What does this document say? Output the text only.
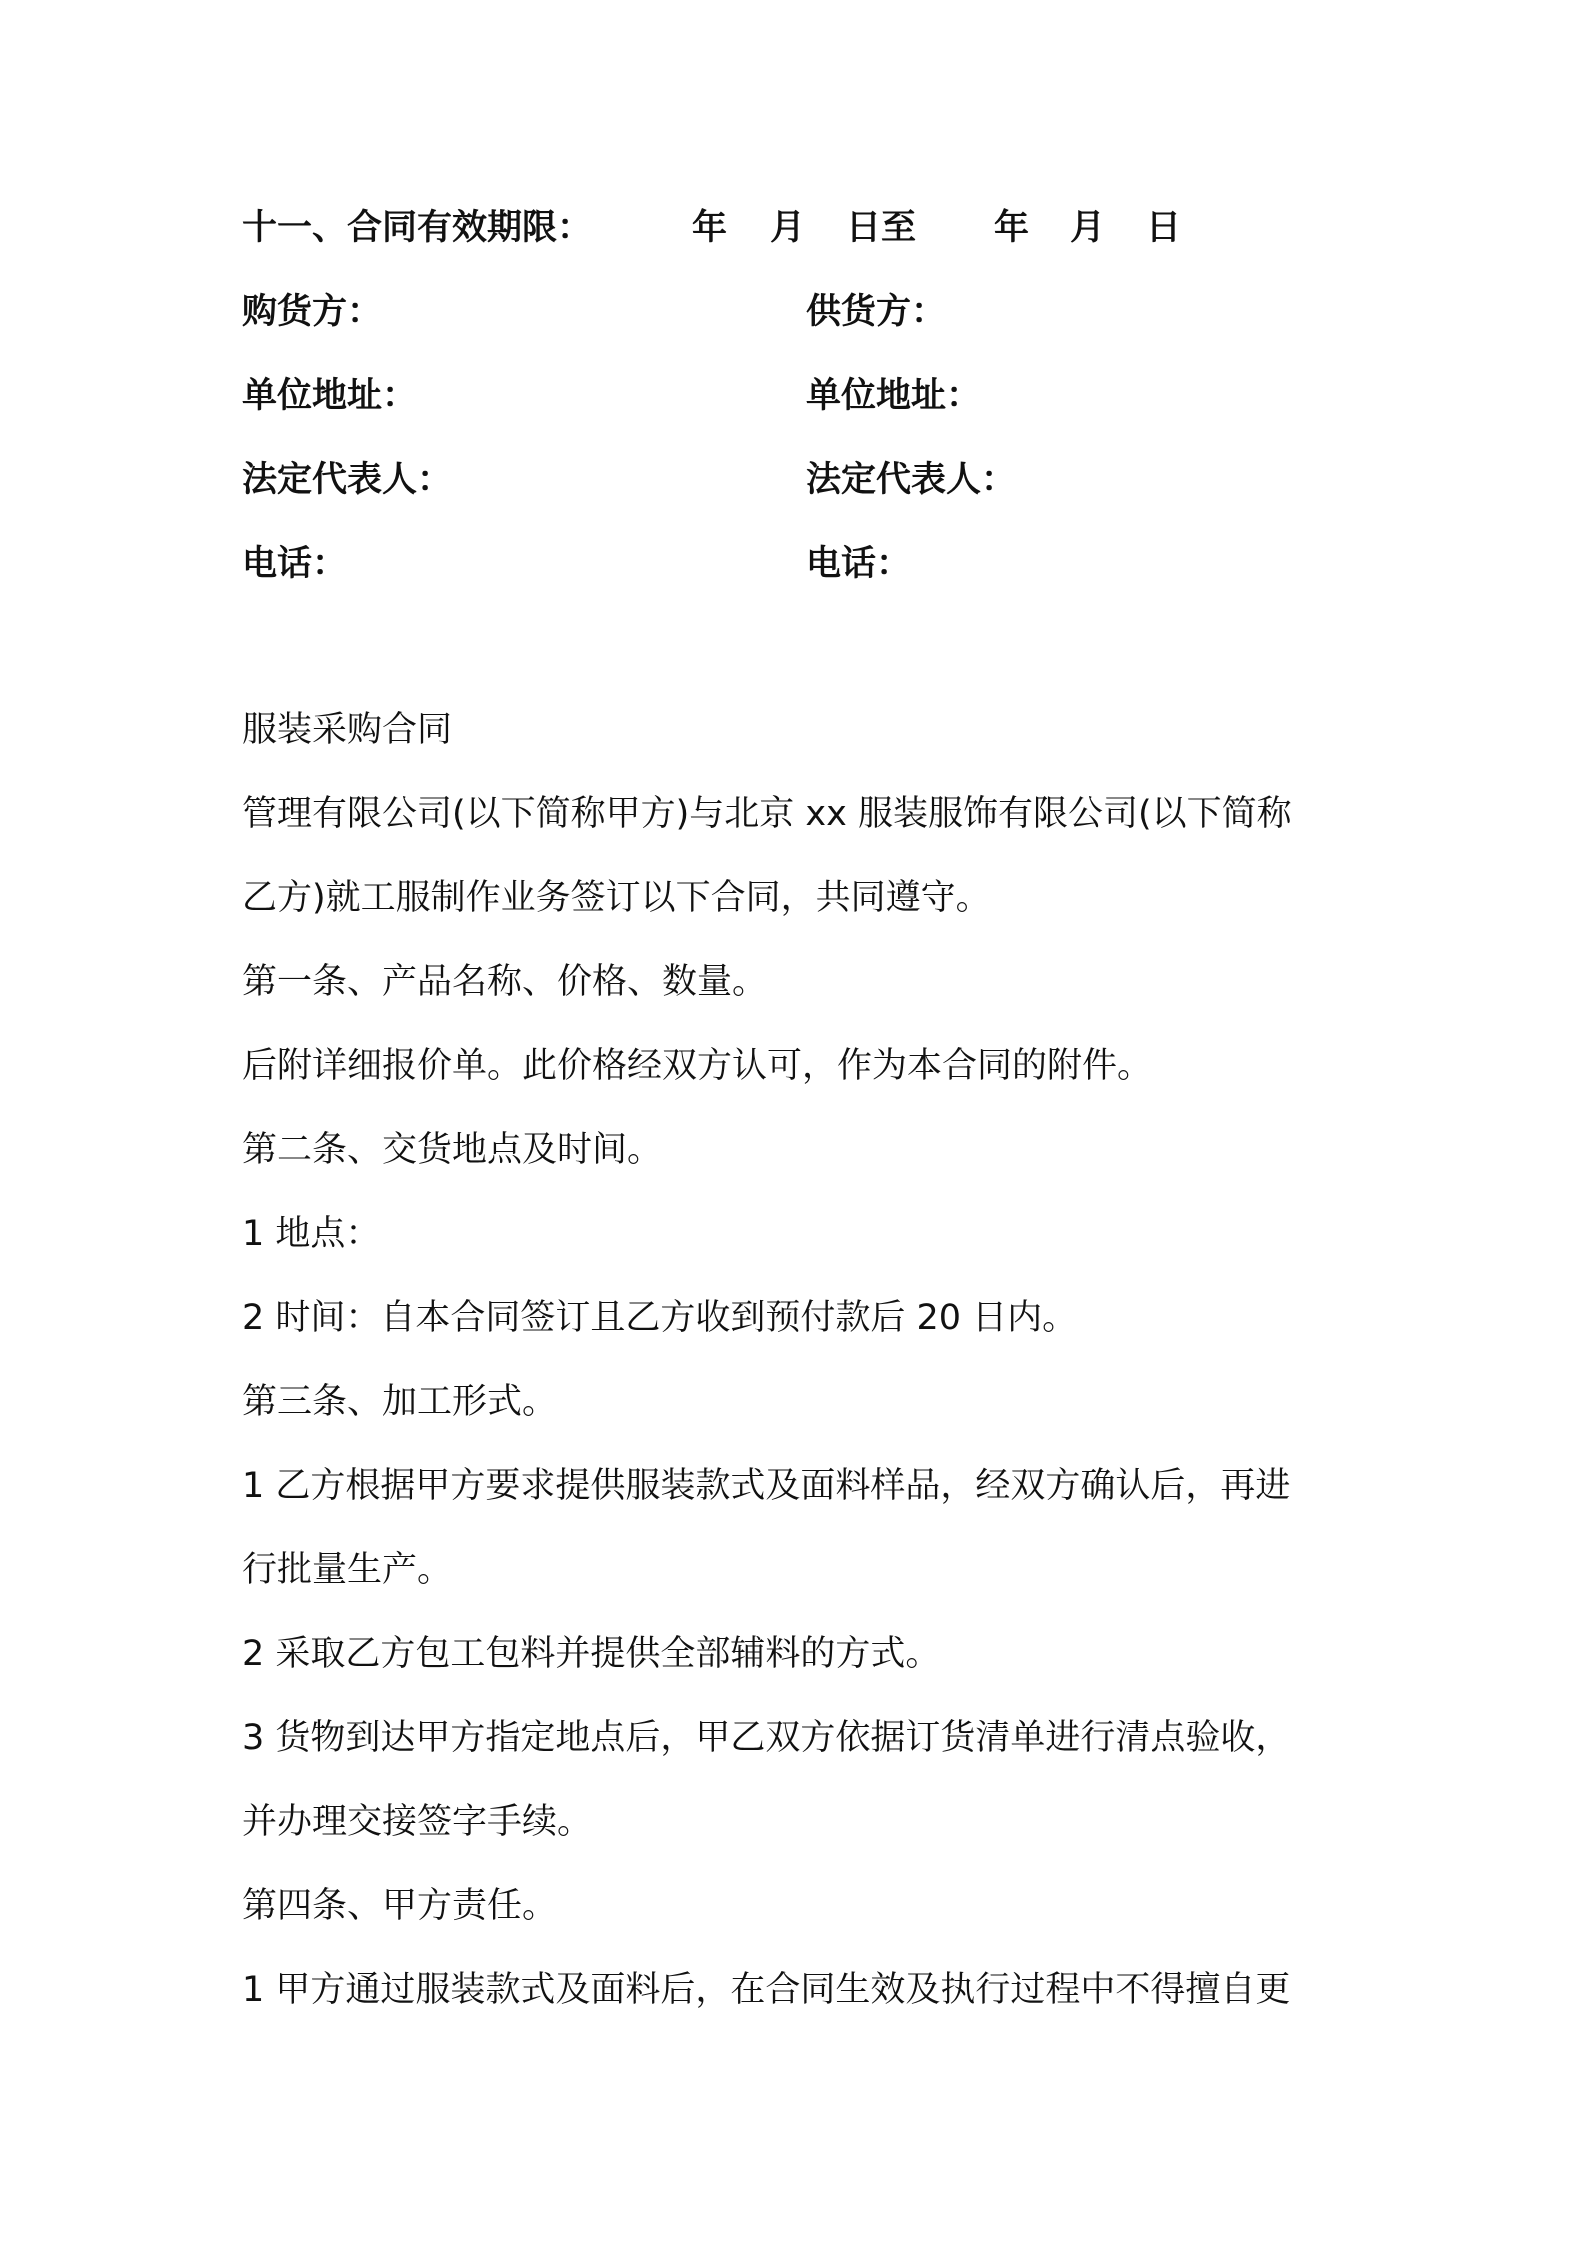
十一、合同有效期限：	年 月 日至 年 月 日
购货方：	供货方：
单位地址：	单位地址：
法定代表人：	法定代表人：
电话：	电话：
服装采购合同
管理有限公司(以下简称甲方)与北京 xx 服装服饰有限公司(以下简称
乙方)就工服制作业务签订以下合同，共同遵守。
第一条、产品名称、价格、数量。
后附详细报价单。此价格经双方认可，作为本合同的附件。
第二条、交货地点及时间。
1 地点：
2 时间：自本合同签订且乙方收到预付款后 20 日内。
第三条、加工形式。
1 乙方根据甲方要求提供服装款式及面料样品，经双方确认后，再进
行批量生产。
2 采取乙方包工包料并提供全部辅料的方式。
3 货物到达甲方指定地点后，甲乙双方依据订货清单进行清点验收，
并办理交接签字手续。
第四条、甲方责任。
1 甲方通过服装款式及面料后，在合同生效及执行过程中不得擅自更
